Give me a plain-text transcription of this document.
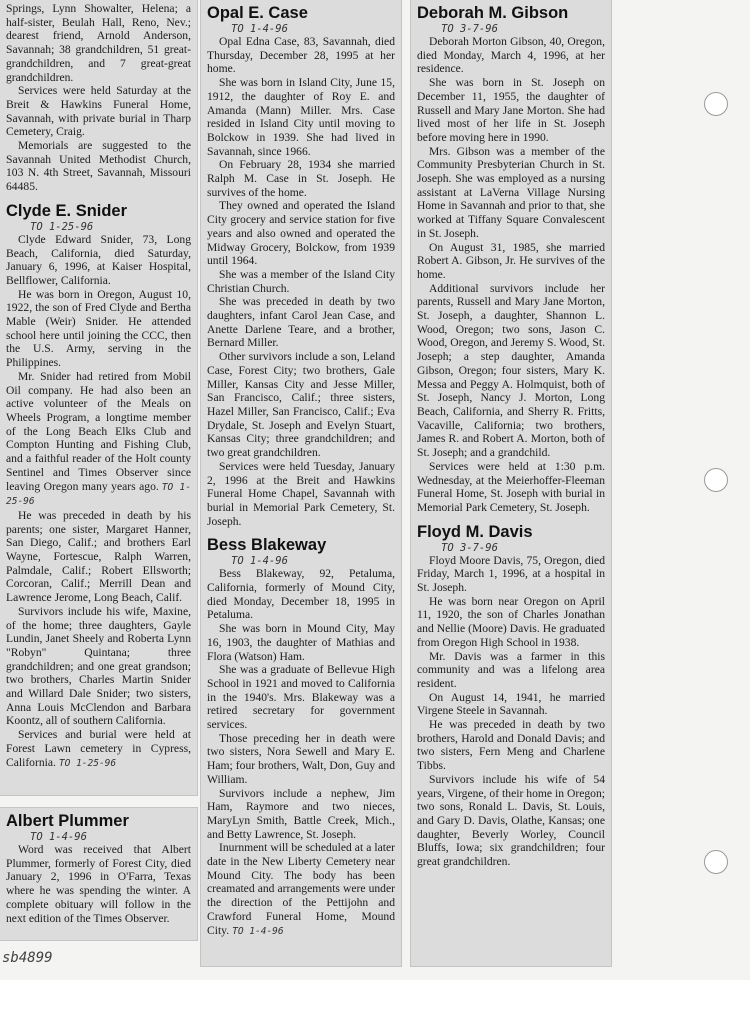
Springs, Lynn Showalter, Helena; a half-sister, Beulah Hall, Reno, Nev.; dearest friend, Arnold Anderson, Savannah; 38 grandchildren, 51 great-grandchildren, and 7 great-great grandchildren.

Services were held Saturday at the Breit & Hawkins Funeral Home, Savannah, with private burial in Tharp Cemetery, Craig.

Memorials are suggested to the Savannah United Methodist Church, 103 N. 4th Street, Savannah, Missouri 64485.

Clyde E. Snider
TO 1-25-96

Clyde Edward Snider, 73, Long Beach, California, died Saturday, January 6, 1996, at Kaiser Hospital, Bellflower, California.

He was born in Oregon, August 10, 1922, the son of Fred Clyde and Bertha Mable (Weir) Snider. He attended school here until joining the CCC, then the U.S. Army, serving in the Philippines.

Mr. Snider had retired from Mobil Oil company. He had also been an active volunteer of the Meals on Wheels Program, a longtime member of the Long Beach Elks Club and Compton Hunting and Fishing Club, and a faithful reader of the Holt county Sentinel and Times Observer since leaving Oregon many years ago. TO 1-25-96

He was preceded in death by his parents; one sister, Margaret Hanner, San Diego, Calif.; and brothers Earl Wayne, Fortescue, Ralph Warren, Palmdale, Calif.; Robert Ellsworth; Corcoran, Calif.; Merrill Dean and Lawrence Jerome, Long Beach, Calif.

Survivors include his wife, Maxine, of the home; three daughters, Gayle Lundin, Janet Sheely and Roberta Lynn "Robyn" Quintana; three grandchildren; and one great grandson; two brothers, Charles Martin Snider and Willard Dale Snider; two sisters, Anna Louis McClendon and Barbara Koontz, all of southern California.

Services and burial were held at Forest Lawn cemetery in Cypress, California. TO 1-25-96

Albert Plummer
TO 1-4-96

Word was received that Albert Plummer, formerly of Forest City, died January 2, 1996 in O'Farra, Texas where he was spending the winter. A complete obituary will follow in the next edition of the Times Observer.

Opal E. Case
TO 1-4-96

Opal Edna Case, 83, Savannah, died Thursday, December 28, 1995 at her home.

She was born in Island City, June 15, 1912, the daughter of Roy E. and Amanda (Mann) Miller. Mrs. Case resided in Island City until moving to Bolckow in 1939. She had lived in Savannah, since 1966.

On February 28, 1934 she married Ralph M. Case in St. Joseph. He survives of the home.

They owned and operated the Island City grocery and service station for five years and also owned and operated the Midway Grocery, Bolckow, from 1939 until 1964.

She was a member of the Island City Christian Church.

She was preceded in death by two daughters, infant Carol Jean Case, and Anette Darlene Teare, and a brother, Bernard Miller.

Other survivors include a son, Leland Case, Forest City; two brothers, Gale Miller, Kansas City and Jesse Miller, San Francisco, Calif.; three sisters, Hazel Miller, San Francisco, Calif.; Eva Drydale, St. Joseph and Evelyn Stuart, Kansas City; three grandchildren; and two great grandchildren.

Services were held Tuesday, January 2, 1996 at the Breit and Hawkins Funeral Home Chapel, Savannah with burial in Memorial Park Cemetery, St. Joseph.

Bess Blakeway
TO 1-4-96

Bess Blakeway, 92, Petaluma, California, formerly of Mound City, died Monday, December 18, 1995 in Petaluma.

She was born in Mound City, May 16, 1903, the daughter of Mathias and Flora (Watson) Ham.

She was a graduate of Bellevue High School in 1921 and moved to California in the 1940's. Mrs. Blakeway was a retired secretary for government services.

Those preceding her in death were two sisters, Nora Sewell and Mary E. Ham; four brothers, Walt, Don, Guy and William.

Survivors include a nephew, Jim Ham, Raymore and two nieces, MaryLyn Smith, Battle Creek, Mich., and Betty Lawrence, St. Joseph.

Inurnment will be scheduled at a later date in the New Liberty Cemetery near Mound City. The body has been creamated and arrangements were under the direction of the Pettijohn and Crawford Funeral Home, Mound City. TO 1-4-96

Deborah M. Gibson
TO 3-7-96

Deborah Morton Gibson, 40, Oregon, died Monday, March 4, 1996, at her residence.

She was born in St. Joseph on December 11, 1955, the daughter of Russell and Mary Jane Morton. She had lived most of her life in St. Joseph before moving here in 1990.

Mrs. Gibson was a member of the Community Presbyterian Church in St. Joseph. She was employed as a nursing assistant at LaVerna Village Nursing Home in Savannah and prior to that, she worked at Tiffany Square Convalescent in St. Joseph.

On August 31, 1985, she married Robert A. Gibson, Jr. He survives of the home.

Additional survivors include her parents, Russell and Mary Jane Morton, St. Joseph, a daughter, Shannon L. Wood, Oregon; two sons, Jason C. Wood, Oregon, and Jeremy S. Wood, St. Joseph; a step daughter, Amanda Gibson, Oregon; four sisters, Mary K. Messa and Peggy A. Holmquist, both of St. Joseph, Nancy J. Morton, Long Beach, California, and Sherry R. Fritts, Vacaville, California; two brothers, James R. and Robert A. Morton, both of St. Joseph; and a grandchild.

Services were held at 1:30 p.m. Wednesday, at the Meierhoffer-Fleeman Funeral Home, St. Joseph with burial in Memorial Park Cemetery, St. Joseph.

Floyd M. Davis
TO 3-7-96

Floyd Moore Davis, 75, Oregon, died Friday, March 1, 1996, at a hospital in St. Joseph.

He was born near Oregon on April 11, 1920, the son of Charles Jonathan and Nellie (Moore) Davis. He graduated from Oregon High School in 1938.

Mr. Davis was a farmer in this community and was a lifelong area resident.

On August 14, 1941, he married Virgene Steele in Savannah.

He was preceded in death by two brothers, Harold and Donald Davis; and two sisters, Fern Meng and Charlene Tibbs.

Survivors include his wife of 54 years, Virgene, of their home in Oregon; two sons, Ronald L. Davis, St. Louis, and Gary D. Davis, Olathe, Kansas; one daughter, Beverly Worley, Council Bluffs, Iowa; six grandchildren; four great grandchildren.

sb4899
